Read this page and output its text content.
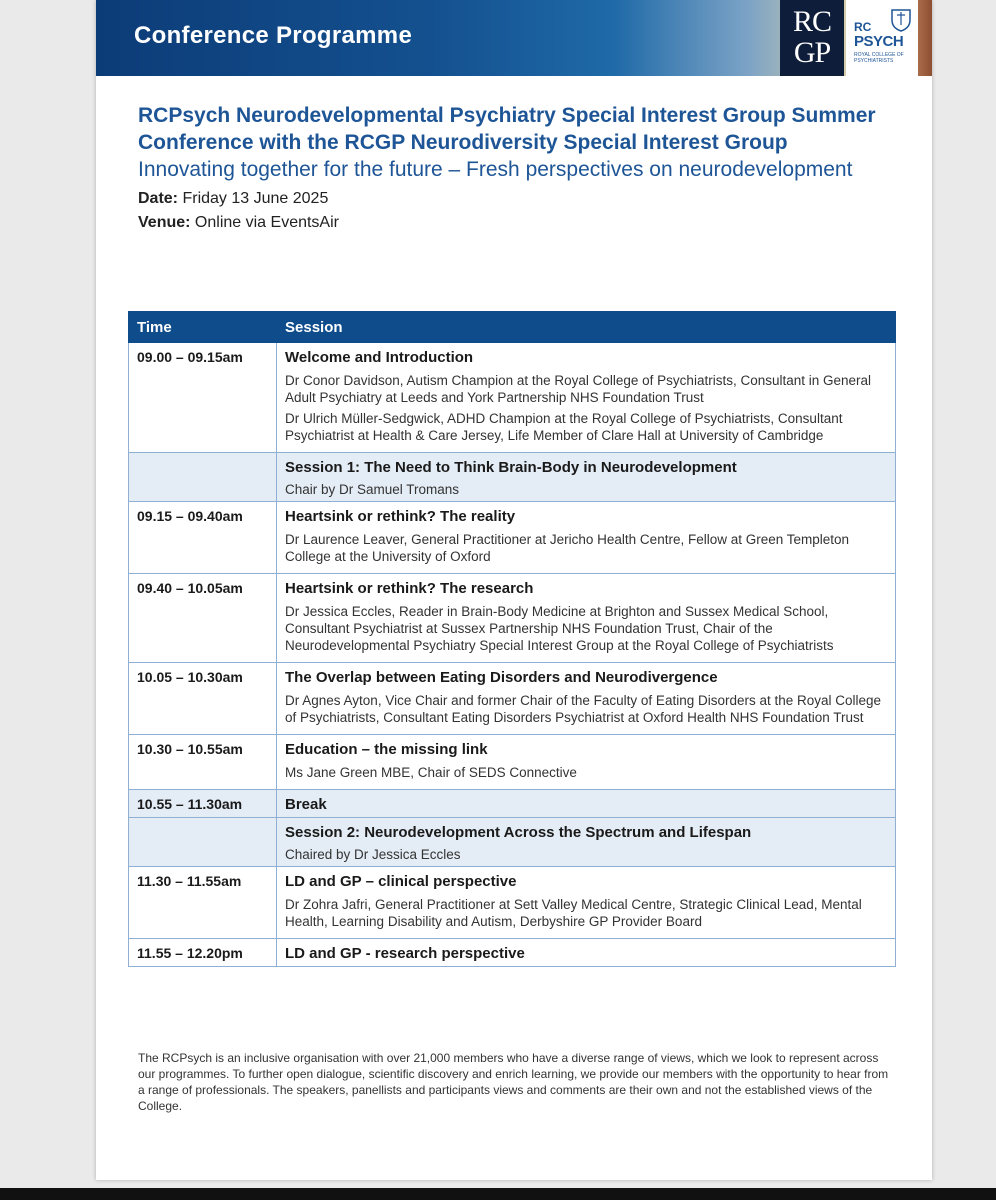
Conference Programme	RC
GP
RC
PSYCH
ROYAL COLLEGE OF PSYCHIATRISTS

RCPsych Neurodevelopmental Psychiatry Special Interest Group Summer Conference with the RCGP Neurodiversity Special Interest Group

Innovating together for the future – Fresh perspectives on neurodevelopment

Date: Friday 13 June 2025
Venue: Online via EventsAir
Time	Session
09.00 – 09.15am	Welcome and Introduction

Dr Conor Davidson, Autism Champion at the Royal College of Psychiatrists, Consultant in General Adult Psychiatry at Leeds and York Partnership NHS Foundation Trust

Dr Ulrich Müller-Sedgwick, ADHD Champion at the Royal College of Psychiatrists, Consultant Psychiatrist at Health & Care Jersey, Life Member of Clare Hall at University of Cambridge

	Session 1: The Need to Think Brain-Body in Neurodevelopment

Chair by Dr Samuel Tromans

09.15 – 09.40am	Heartsink or rethink? The reality

Dr Laurence Leaver, General Practitioner at Jericho Health Centre, Fellow at Green Templeton College at the University of Oxford

09.40 – 10.05am	Heartsink or rethink? The research

Dr Jessica Eccles, Reader in Brain-Body Medicine at Brighton and Sussex Medical School, Consultant Psychiatrist at Sussex Partnership NHS Foundation Trust, Chair of the Neurodevelopmental Psychiatry Special Interest Group at the Royal College of Psychiatrists

10.05 – 10.30am	The Overlap between Eating Disorders and Neurodivergence

Dr Agnes Ayton, Vice Chair and former Chair of the Faculty of Eating Disorders at the Royal College of Psychiatrists, Consultant Eating Disorders Psychiatrist at Oxford Health NHS Foundation Trust

10.30 – 10.55am	Education – the missing link

Ms Jane Green MBE, Chair of SEDS Connective

10.55 – 11.30am	Break

	Session 2: Neurodevelopment Across the Spectrum and Lifespan

Chaired by Dr Jessica Eccles

11.30 – 11.55am	LD and GP – clinical perspective

Dr Zohra Jafri, General Practitioner at Sett Valley Medical Centre, Strategic Clinical Lead, Mental Health, Learning Disability and Autism, Derbyshire GP Provider Board

11.55 – 12.20pm	LD and GP - research perspective

The RCPsych is an inclusive organisation with over 21,000 members who have a diverse range of views, which we look to represent across our programmes. To further open dialogue, scientific discovery and enrich learning, we provide our members with the opportunity to hear from a range of professionals. The speakers, panellists and participants views and comments are their own and not the established views of the College.
